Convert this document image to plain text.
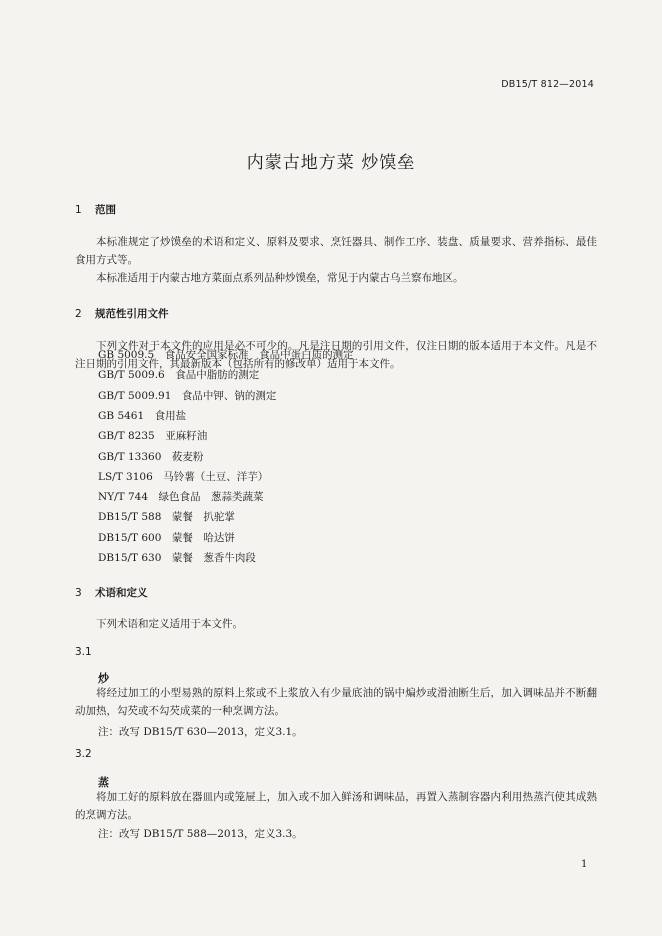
DB15/T 812—2014
内蒙古地方菜 炒馍垒
1 范围
本标准规定了炒馍垒的术语和定义、原料及要求、烹饪器具、制作工序、装盘、质量要求、营养指标、最佳食用方式等。
本标准适用于内蒙古地方菜面点系列品种炒馍垒，常见于内蒙古乌兰察布地区。
2 规范性引用文件
下列文件对于本文件的应用是必不可少的。凡是注日期的引用文件，仅注日期的版本适用于本文件。凡是不注日期的引用文件，其最新版本（包括所有的修改单）适用于本文件。
GB 5009.5　 食品安全国家标准　食品中蛋白质的测定
GB/T 5009.6　 食品中脂肪的测定
GB/T 5009.91　 食品中钾、钠的测定
GB 5461　 食用盐
GB/T 8235　 亚麻籽油
GB/T 13360　 莜麦粉
LS/T 3106　 马铃薯（土豆、洋芋）
NY/T 744　 绿色食品　葱蒜类蔬菜
DB15/T 588　 蒙餐　扒驼掌
DB15/T 600　 蒙餐　哈达饼
DB15/T 630　 蒙餐　葱香牛肉段
3 术语和定义
下列术语和定义适用于本文件。
3.1
炒
将经过加工的小型易熟的原料上浆或不上浆放入有少量底油的锅中煸炒或滑油断生后，加入调味品并不断翻动加热，勾芡或不勾芡成菜的一种烹调方法。
注：改写 DB15/T 630—2013，定义3.1。
3.2
蒸
将加工好的原料放在器皿内或笼屉上，加入或不加入鲜汤和调味品，再置入蒸制容器内利用热蒸汽使其成熟的烹调方法。
注：改写 DB15/T 588—2013，定义3.3。
1
